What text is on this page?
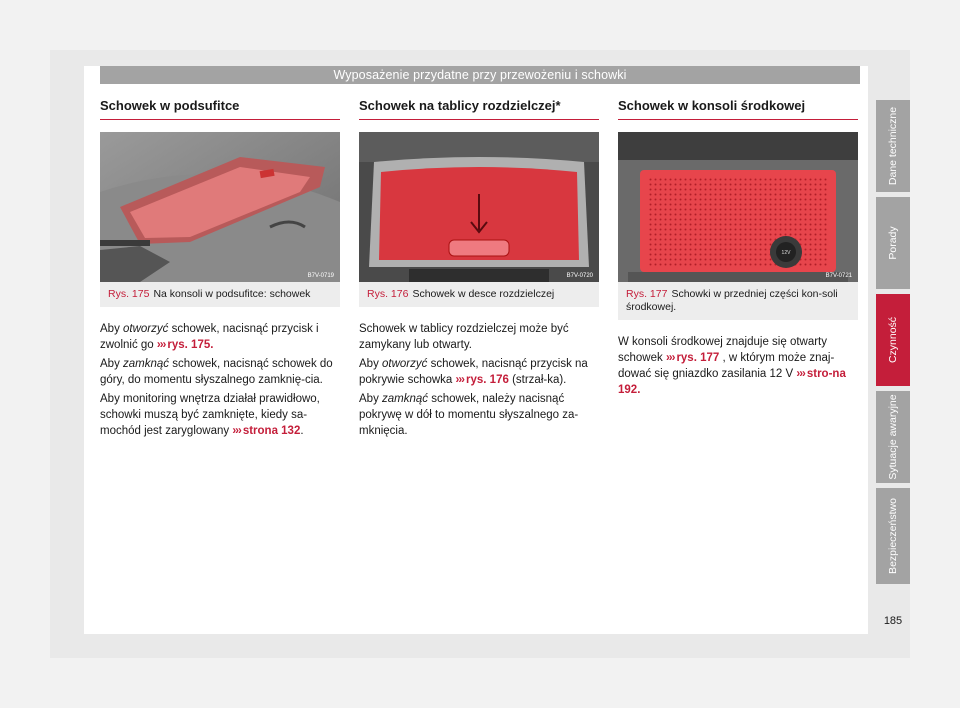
Wyposażenie przydatne przy przewożeniu i schowki
Schowek w podsufitce
B7V-0719
Rys. 175 Na konsoli w podsufitce: schowek

Aby otworzyć schowek, nacisnąć przycisk i zwolnić go ››› rys. 175.

Aby zamknąć schowek, nacisnąć schowek do góry, do momentu słyszalnego zamknię-cia.

Aby monitoring wnętrza działał prawidłowo, schowki muszą być zamknięte, kiedy sa-mochód jest zaryglowany ››› strona 132.

Schowek na tablicy rozdzielczej*
B7V-0720
Rys. 176 Schowek w desce rozdzielczej

Schowek w tablicy rozdzielczej może być zamykany lub otwarty.

Aby otworzyć schowek, nacisnąć przycisk na pokrywie schowka ››› rys. 176 (strzał-ka).

Aby zamknąć schowek, należy nacisnąć pokrywę w dół to momentu słyszalnego za-mknięcia.

Schowek w konsoli środkowej
12V
B7V-0721
Rys. 177 Schowki w przedniej części kon-soli środkowej.

W konsoli środkowej znajduje się otwarty schowek ››› rys. 177 , w którym może znaj-dować się gniazdko zasilania 12 V ››› stro-na 192.

Dane techniczne
Porady
Czynność
Sytuacje awaryjne
Bezpieczeństwo
185
